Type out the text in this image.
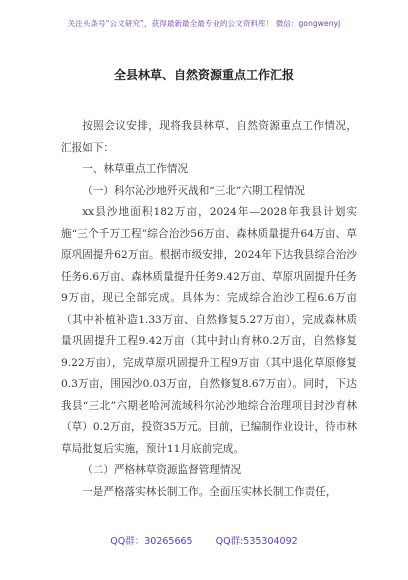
关注头条号“公文研究”，获得最新最全最专业的公文资料库！ 微信：gongwenyj
全县林草、自然资源重点工作汇报

按照会议安排，现将我县林草、自然资源重点工作情况，汇报如下：

一、林草重点工作情况

（一）科尔沁沙地歼灭战和“三北”六期工程情况

xx县沙地面积182万亩，2024年—2028年我县计划实施“三个千万工程”综合治沙56万亩、森林质量提升64万亩、草原巩固提升62万亩。根据市级安排，2024年下达我县综合治沙任务6.6万亩、森林质量提升任务9.42万亩、草原巩固提升任务9万亩，现已全部完成。具体为：完成综合治沙工程6.6万亩（其中补植补造1.33万亩、自然修复5.27万亩），完成森林质量巩固提升工程9.42万亩（其中封山育林0.2万亩，自然修复9.22万亩），完成草原巩固提升工程9万亩（其中退化草原修复0.3万亩，围园沙0.03万亩，自然修复8.67万亩）。同时，下达我县“三北”六期老哈河流域科尔沁沙地综合治理项目封沙育林（草）0.2万亩，投资35万元。目前，已编制作业设计，待市林草局批复后实施，预计11月底前完成。

（二）严格林草资源监督管理情况

一是严格落实林长制工作。全面压实林长制工作责任，

QQ群：30265665 QQ群:535304092
